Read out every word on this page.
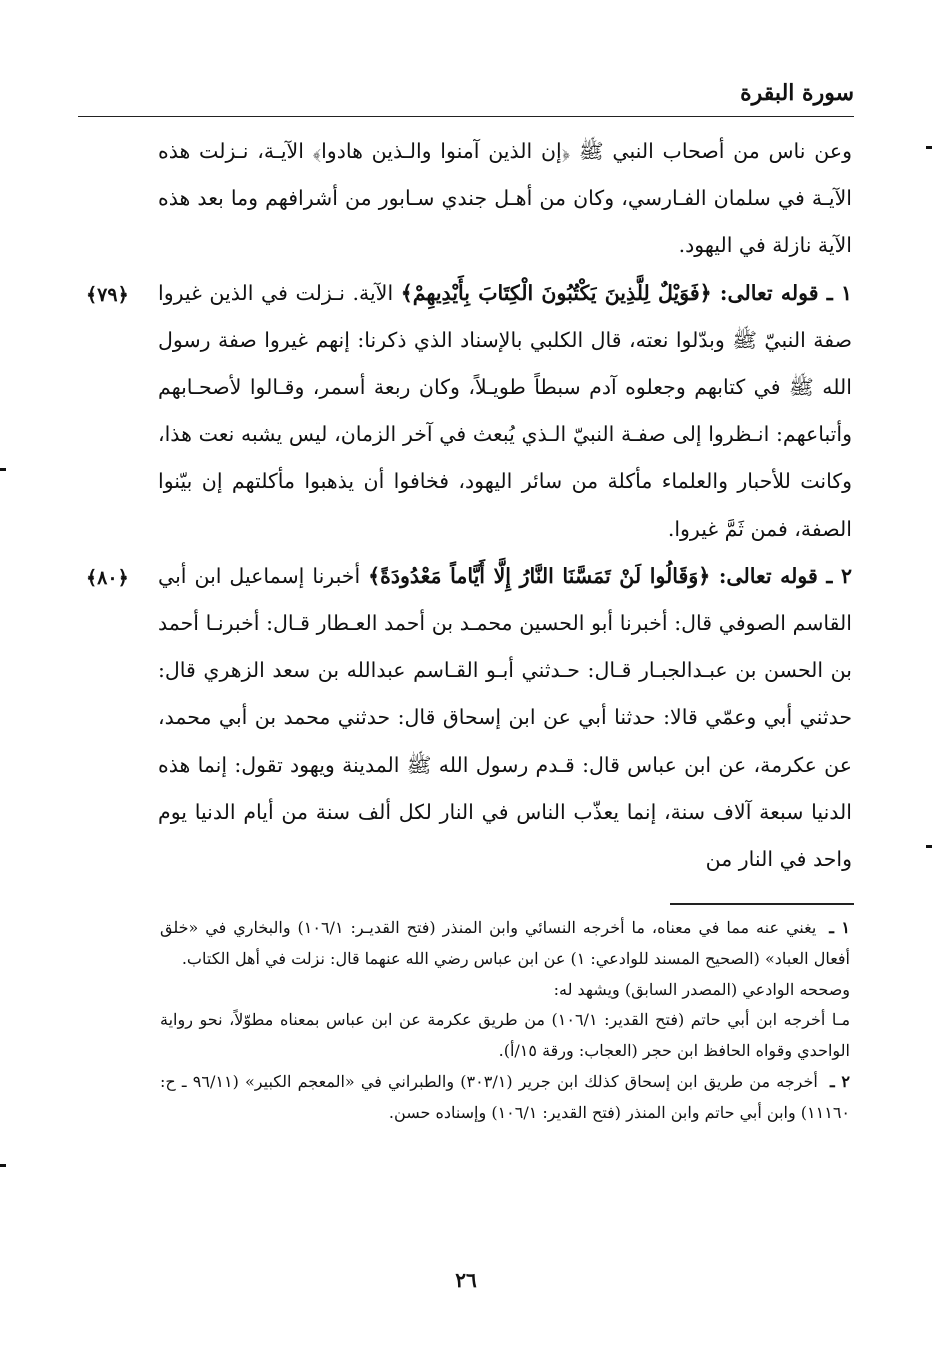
سورة البقرة

وعن ناس من أصحاب النبي ﷺ ﴿إن الذين آمنوا والـذين هادوا﴾ الآيـة، نـزلت هذه الآيـة في سلمان الفـارسي، وكان من أهـل جندي سـابور من أشرافهم وما بعد هذه الآية نازلة في اليهود.

﴿٧٩﴾	١ ـ قوله تعالى: ﴿فَوَيْلٌ لِلَّذِينَ يَكْتُبُونَ الْكِتَابَ بِأَيْدِيهِمْ﴾ الآية. نـزلت في الذين غيروا صفة النبيّ ﷺ وبدّلوا نعته، قال الكلبي بالإسناد الذي ذكرنا: إنهم غيروا صفة رسول الله ﷺ في كتابهم وجعلوه آدم سبطاً طويـلاً، وكان ربعة أسمر، وقـالوا لأصحـابهم وأتباعهم: انـظروا إلى صفـة النبيّ الـذي يُبعث في آخر الزمان، ليس يشبه نعت هذا، وكانت للأحبار والعلماء مأكلة من سائر اليهود، فخافوا أن يذهبوا مأكلتهم إن بيّنوا الصفة، فمن ثَمَّ غيروا.

﴿٨٠﴾	٢ ـ قوله تعالى: ﴿وَقَالُوا لَنْ تَمَسَّنَا النَّارُ إِلَّا أَيَّاماً مَعْدُودَةً﴾ أخبرنا إسماعيل ابن أبي القاسم الصوفي قال: أخبرنا أبو الحسين محمـد بن أحمد العـطار قـال: أخبرنـا أحمد بن الحسن بن عبـدالجبـار قـال: حـدثني أبـو القـاسم عبدالله بن سعد الزهري قال: حدثني أبي وعمّي قالا: حدثنا أبي عن ابن إسحاق قال: حدثني محمد بن أبي محمد، عن عكرمة، عن ابن عباس قال: قـدم رسول الله ﷺ المدينة ويهود تقول: إنما هذه الدنيا سبعة آلاف سنة، إنما يعذّب الناس في النار لكل ألف سنة من أيام الدنيا يوم واحد في النار من

١ ـ يغني عنه مما في معناه، ما أخرجه النسائي وابن المنذر (فتح القديـر: ١٠٦/١) والبخاري في «خلق أفعال العباد» (الصحيح المسند للوادعي: ١) عن ابن عباس رضي الله عنهما قال: نزلت في أهل الكتاب.

وصححه الوادعي (المصدر السابق) ويشهد له:

مـا أخرجه ابن أبي حاتم (فتح القدير: ١٠٦/١) من طريق عكرمة عن ابن عباس بمعناه مطوّلاً، نحو رواية الواحدي وقواه الحافظ ابن حجر (العجاب: ورقة ١٥/أ).

٢ ـ أخرجه من طريق ابن إسحاق كذلك ابن جرير (٣٠٣/١) والطبراني في «المعجم الكبير» (٩٦/١١ ـ ح: ١١١٦٠) وابن أبي حاتم وابن المنذر (فتح القدير: ١٠٦/١) وإسناده حسن.

٢٦
